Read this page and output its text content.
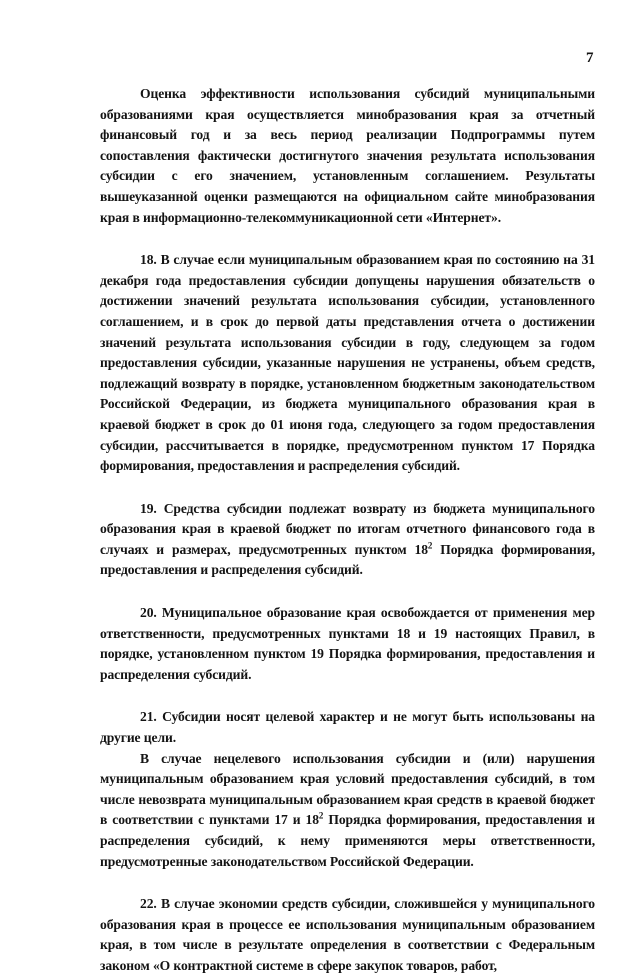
7

Оценка эффективности использования субсидий муниципальными образованиями края осуществляется минобразования края за отчетный финансовый год и за весь период реализации Подпрограммы путем сопоставления фактически достигнутого значения результата использования субсидии с его значением, установленным соглашением. Результаты вышеуказанной оценки размещаются на официальном сайте минобразования края в информационно-телекоммуникационной сети «Интернет».

18. В случае если муниципальным образованием края по состоянию на 31 декабря года предоставления субсидии допущены нарушения обязательств о достижении значений результата использования субсидии, установленного соглашением, и в срок до первой даты представления отчета о достижении значений результата использования субсидии в году, следующем за годом предоставления субсидии, указанные нарушения не устранены, объем средств, подлежащий возврату в порядке, установленном бюджетным законодательством Российской Федерации, из бюджета муниципального образования края в краевой бюджет в срок до 01 июня года, следующего за годом предоставления субсидии, рассчитывается в порядке, предусмотренном пунктом 17 Порядка формирования, предоставления и распределения субсидий.

19. Средства субсидии подлежат возврату из бюджета муниципального образования края в краевой бюджет по итогам отчетного финансового года в случаях и размерах, предусмотренных пунктом $18^2$ Порядка формирования, предоставления и распределения субсидий.

20. Муниципальное образование края освобождается от применения мер ответственности, предусмотренных пунктами 18 и 19 настоящих Правил, в порядке, установленном пунктом 19 Порядка формирования, предоставления и распределения субсидий.

21. Субсидии носят целевой характер и не могут быть использованы на другие цели.

В случае нецелевого использования субсидии и (или) нарушения муниципальным образованием края условий предоставления субсидий, в том числе невозврата муниципальным образованием края средств в краевой бюджет в соответствии с пунктами 17 и $18^2$ Порядка формирования, предоставления и распределения субсидий, к нему применяются меры ответственности, предусмотренные законодательством Российской Федерации.

22. В случае экономии средств субсидии, сложившейся у муниципального образования края в процессе ее использования муниципальным образованием края, в том числе в результате определения в соответствии с Федеральным законом «О контрактной системе в сфере закупок товаров, работ,
